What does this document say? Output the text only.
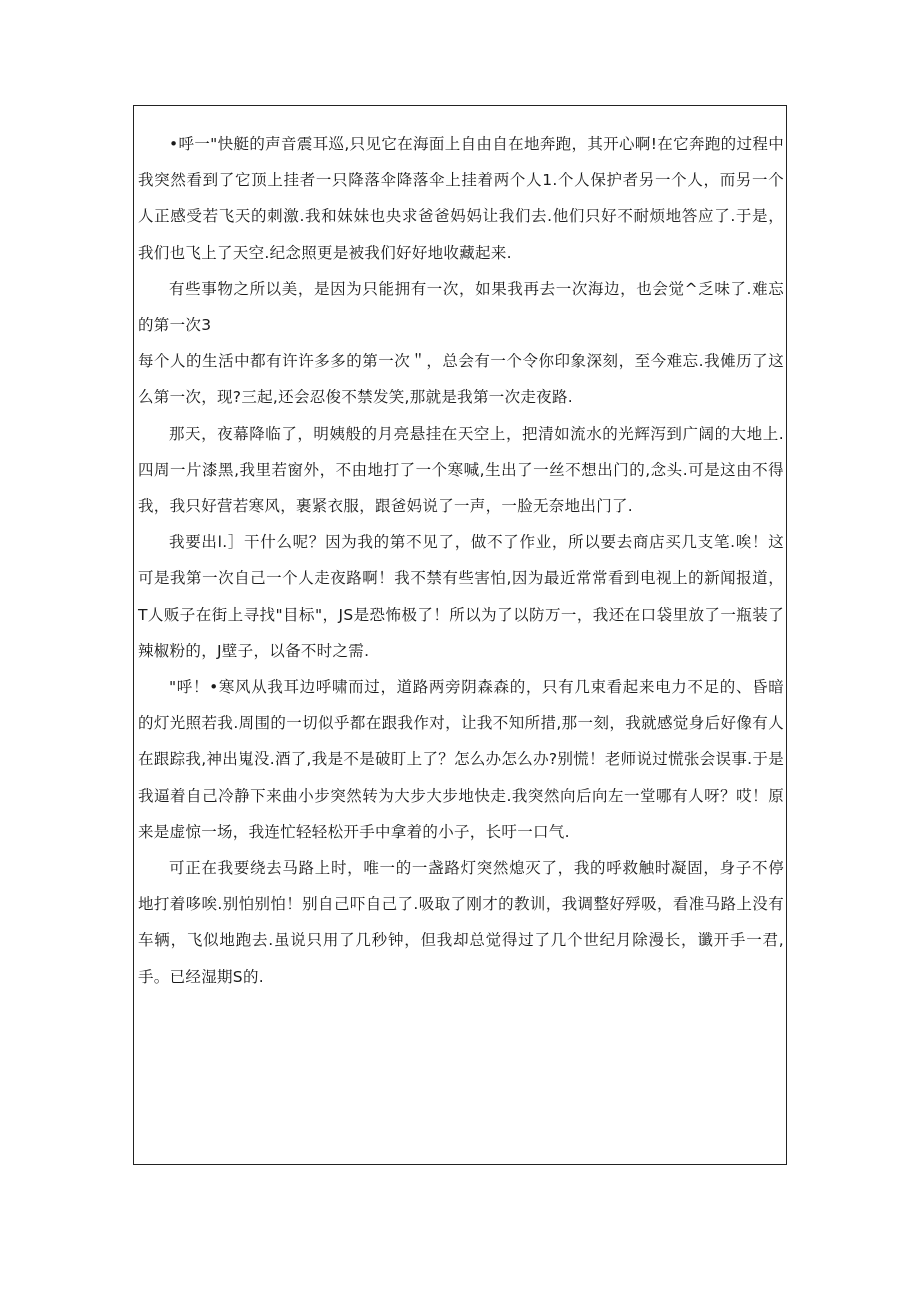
•呼一"快艇的声音震耳巡,只见它在海面上自由自在地奔跑，其开心啊!在它奔跑的过程中我突然看到了它顶上挂者一只降落伞降落伞上挂着两个人1.个人保护者另一个人，而另一个人正感受若飞天的刺激.我和妹妹也央求爸爸妈妈让我们去.他们只好不耐烦地答应了.于是，我们也飞上了天空.纪念照更是被我们好好地收藏起来.

有些事物之所以美，是因为只能拥有一次，如果我再去一次海边，也会觉^乏味了.难忘的第一次3

每个人的生活中都有许许多多的第一次＂，总会有一个令你印象深刻，至今难忘.我傩历了这么第一次，现?三起,还会忍俊不禁发笑,那就是我第一次走夜路.

那天，夜幕降临了，明姨般的月亮悬挂在天空上，把清如流水的光辉泻到广阔的大地上.四周一片漆黑,我里若窗外，不由地打了一个寒喊,生出了一丝不想出门的,念头.可是这由不得我，我只好营若寒风，裹紧衣服，跟爸妈说了一声，一脸无奈地出门了.

我要出l.］干什么呢？因为我的第不见了，做不了作业，所以要去商店买几支笔.唉！这可是我第一次自己一个人走夜路啊！我不禁有些害怕,因为最近常常看到电视上的新闻报道，T人贩子在街上寻找"目标"，JS是恐怖极了！所以为了以防万一，我还在口袋里放了一瓶装了辣椒粉的，J壁子，以备不时之需.

"呼！•寒风从我耳边呼啸而过，道路两旁阴森森的，只有几束看起来电力不足的、昏暗的灯光照若我.周围的一切似乎都在跟我作对，让我不知所措,那一刻，我就感觉身后好像有人在跟踪我,神出嵬没.酒了,我是不是破盯上了？怎么办怎么办?别慌！老师说过慌张会误事.于是我逼着自己冷静下来曲小步突然转为大步大步地快走.我突然向后向左一堂哪有人呀？哎！原来是虚惊一场，我连忙轻轻松开手中拿着的小子，长吁一口气.

可正在我要绕去马路上时，唯一的一盏路灯突然熄灭了，我的呼救触时凝固，身子不停地打着哆唉.别怕别怕！别自己吓自己了.吸取了刚才的教训，我调整好殍吸，看准马路上没有车辆，飞似地跑去.虽说只用了几秒钟，但我却总觉得过了几个世纪月除漫长，谶开手一君,手。已经湿期S的.
